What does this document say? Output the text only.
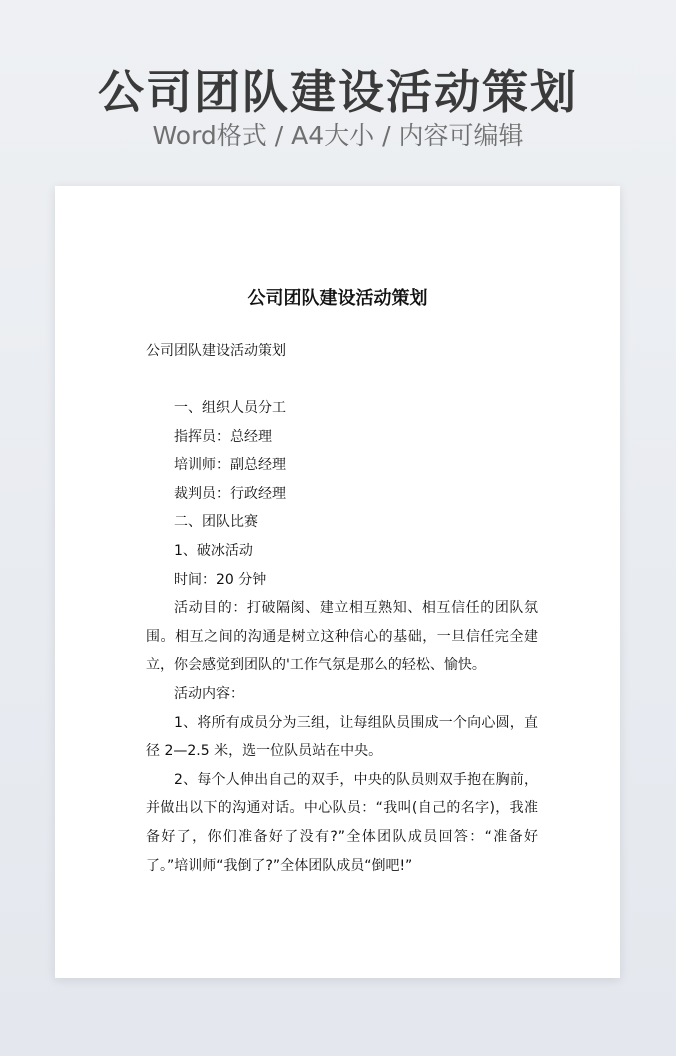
公司团队建设活动策划
Word格式 / A4大小 / 内容可编辑
公司团队建设活动策划
公司团队建设活动策划

一、组织人员分工

指挥员：总经理

培训师：副总经理

裁判员：行政经理

二、团队比赛

1、破冰活动

时间：20 分钟

活动目的：打破隔阂、建立相互熟知、相互信任的团队氛围。相互之间的沟通是树立这种信心的基础，一旦信任完全建立，你会感觉到团队的'工作气氛是那么的轻松、愉快。

活动内容：

1、将所有成员分为三组，让每组队员围成一个向心圆，直径 2—2.5 米，选一位队员站在中央。

2、每个人伸出自己的双手，中央的队员则双手抱在胸前，并做出以下的沟通对话。中心队员：“我叫(自己的名字)，我准备好了，你们准备好了没有?”全体团队成员回答：“准备好了。”培训师“我倒了?”全体团队成员“倒吧!”
